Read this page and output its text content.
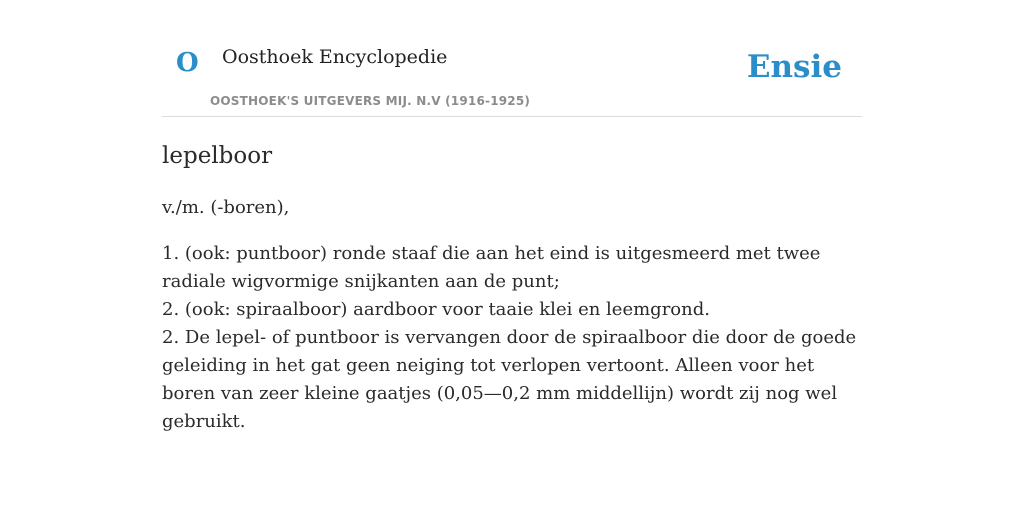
O Oosthoek Encyclopedie
OOSTHOEK'S UITGEVERS MIJ. N.V (1916-1925)
Ensie
lepelboor

v./m. (-boren),

1. (ook: puntboor) ronde staaf die aan het eind is uitgesmeerd met twee radiale wigvormige snijkanten aan de punt;

2. (ook: spiraalboor) aardboor voor taaie klei en leemgrond.

2. De lepel- of puntboor is vervangen door de spiraalboor die door de goede geleiding in het gat geen neiging tot verlopen vertoont. Alleen voor het boren van zeer kleine gaatjes (0,05—0,2 mm middellijn) wordt zij nog wel gebruikt.
